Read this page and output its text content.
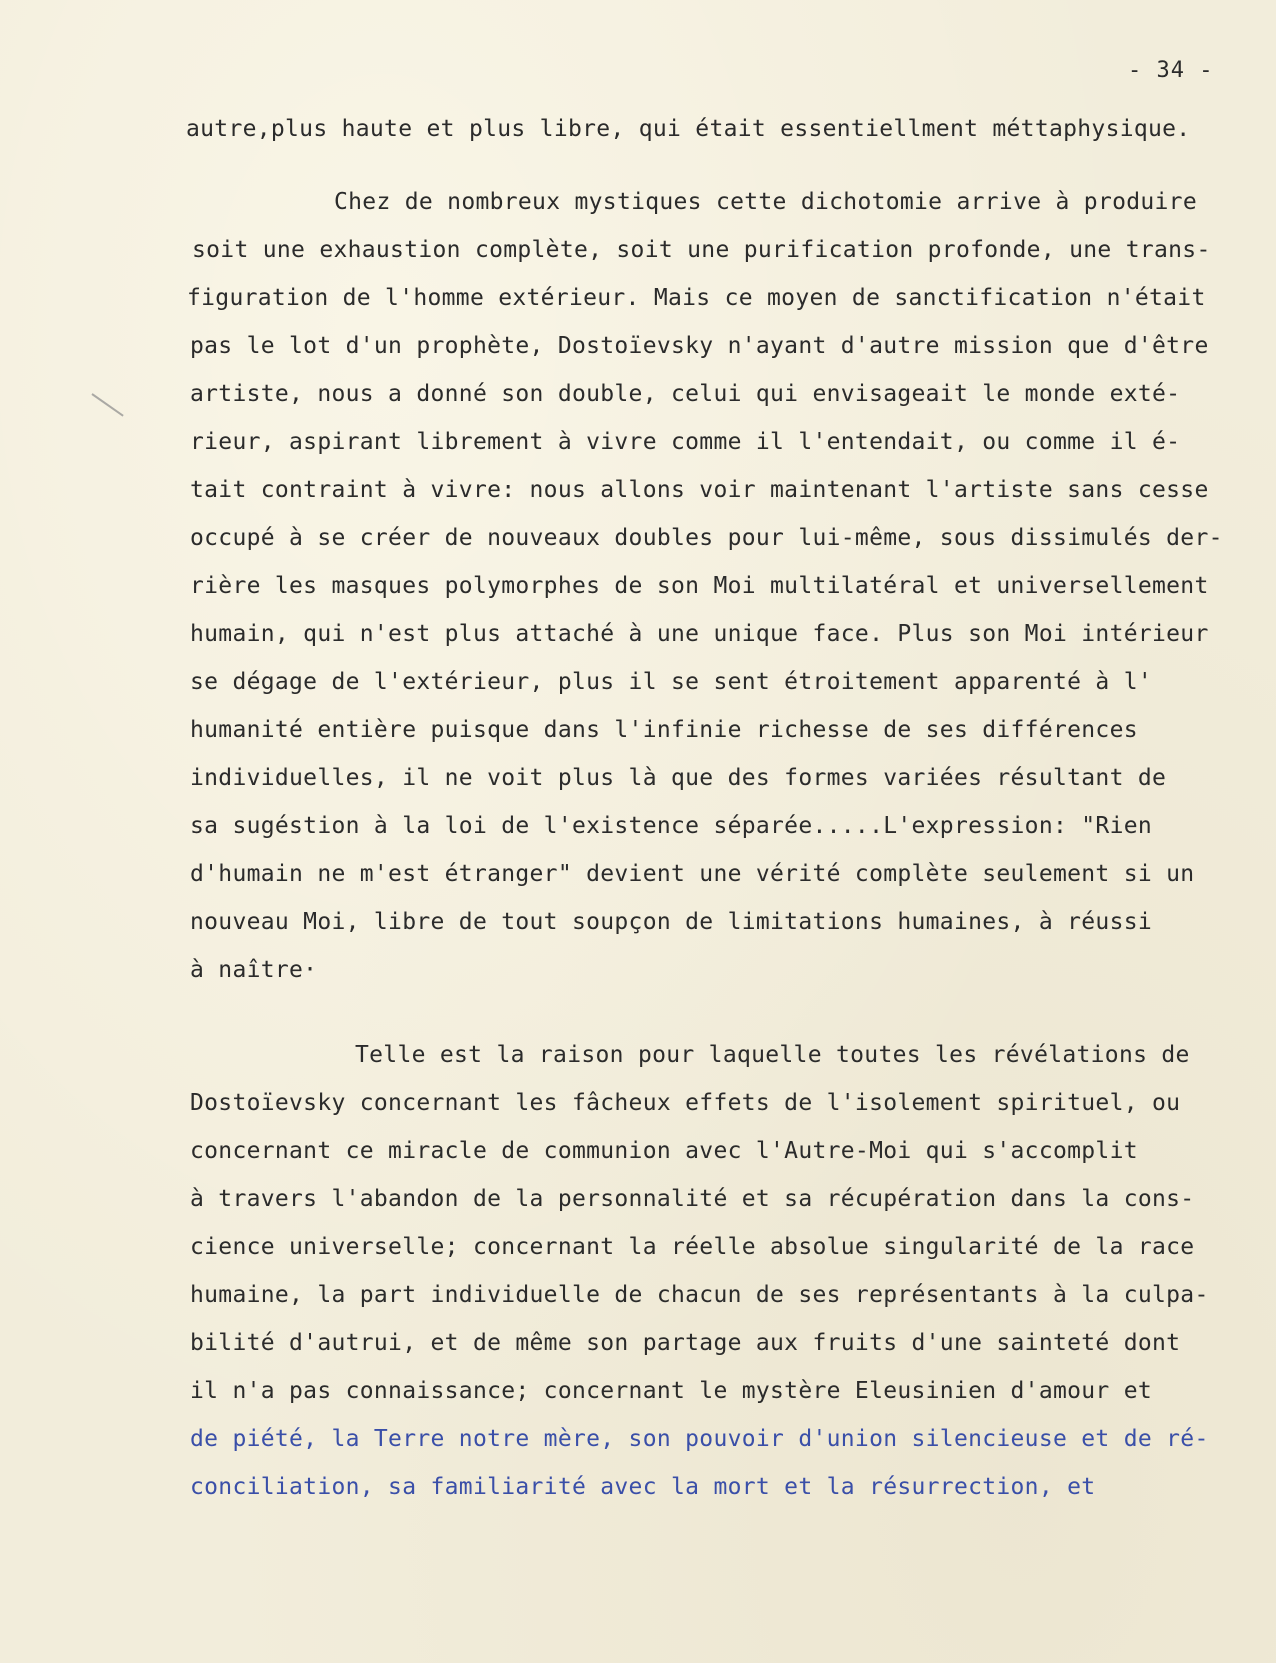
- 34 -
autre,plus haute et plus libre, qui était essentiellment méttaphysique.
Chez de nombreux mystiques cette dichotomie arrive à produire
soit une exhaustion complète, soit une purification profonde, une trans-
figuration de l'homme extérieur. Mais ce moyen de sanctification n'était
pas le lot d'un prophète, Dostoïevsky n'ayant d'autre mission que d'être
artiste, nous a donné son double, celui qui envisageait le monde exté-
rieur, aspirant librement à vivre comme il l'entendait, ou comme il é-
tait contraint à vivre: nous allons voir maintenant l'artiste sans cesse
occupé à se créer de nouveaux doubles pour lui-même, sous dissimulés der-
rière les masques polymorphes de son Moi multilatéral et universellement
humain, qui n'est plus attaché à une unique face. Plus son Moi intérieur
se dégage de l'extérieur, plus il se sent étroitement apparenté à l'
humanité entière puisque dans l'infinie richesse de ses différences
individuelles, il ne voit plus là que des formes variées résultant de
sa sugéstion à la loi de l'existence séparée.....L'expression: "Rien
d'humain ne m'est étranger" devient une vérité complète seulement si un
nouveau Moi, libre de tout soupçon de limitations humaines, à réussi
à naître·
Telle est la raison pour laquelle toutes les révélations de
Dostoïevsky concernant les fâcheux effets de l'isolement spirituel, ou
concernant ce miracle de communion avec l'Autre-Moi qui s'accomplit
à travers l'abandon de la personnalité et sa récupération dans la cons-
cience universelle; concernant la réelle absolue singularité de la race
humaine, la part individuelle de chacun de ses représentants à la culpa-
bilité d'autrui, et de même son partage aux fruits d'une sainteté dont
il n'a pas connaissance; concernant le mystère Eleusinien d'amour et
de piété, la Terre notre mère, son pouvoir d'union silencieuse et de ré-
conciliation, sa familiarité avec la mort et la résurrection, et
